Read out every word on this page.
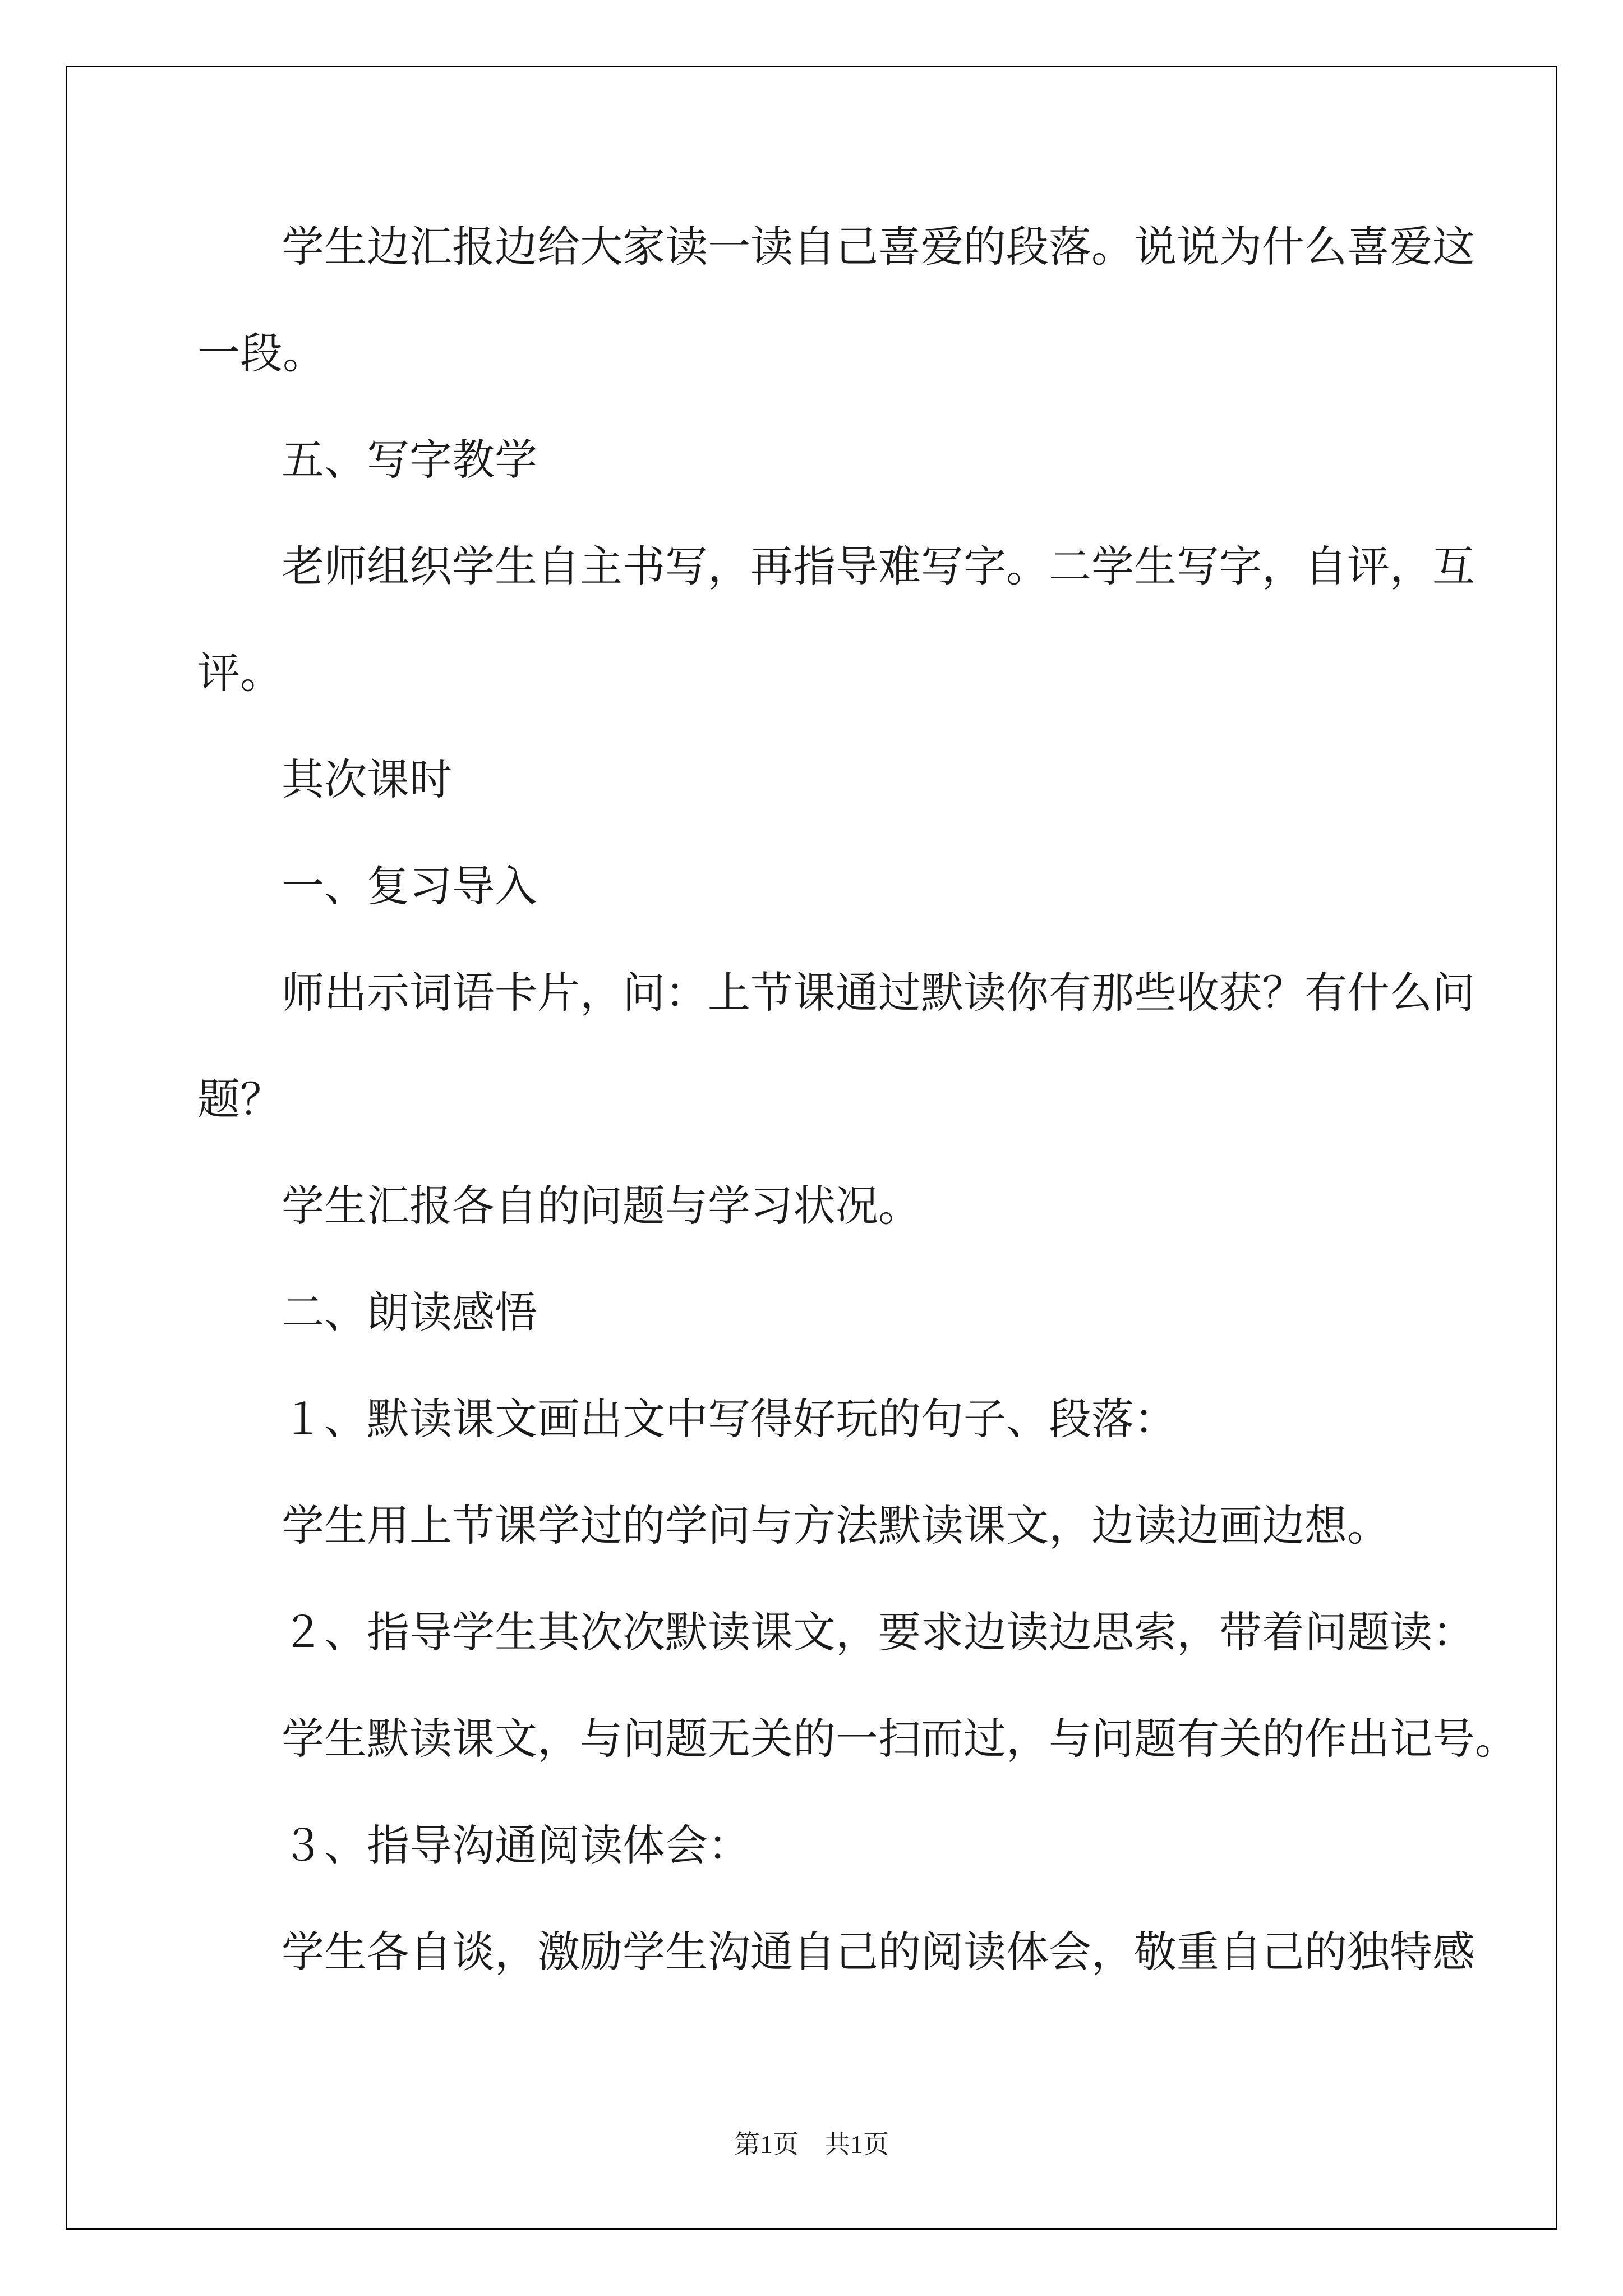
学生边汇报边给大家读一读自己喜爱的段落。说说为什么喜爱这
一段。
五、写字教学
老师组织学生自主书写，再指导难写字。二学生写字，自评，互
评。
其次课时
一、复习导入
师出示词语卡片，问：上节课通过默读你有那些收获？有什么问
题？
学生汇报各自的问题与学习状况。
二、朗读感悟
１、默读课文画出文中写得好玩的句子、段落：
学生用上节课学过的学问与方法默读课文，边读边画边想。
２、指导学生其次次默读课文，要求边读边思索，带着问题读：
学生默读课文，与问题无关的一扫而过，与问题有关的作出记号。
３、指导沟通阅读体会：
学生各自谈，激励学生沟通自己的阅读体会，敬重自己的独特感
第1页　共1页
